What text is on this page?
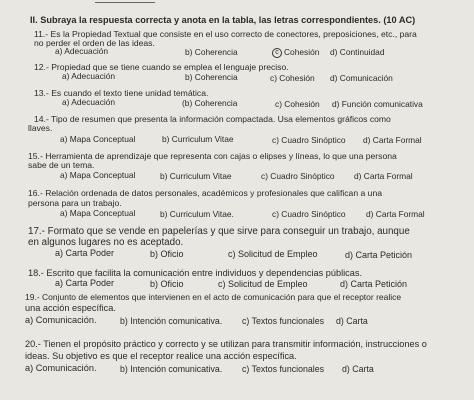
II. Subraya la respuesta correcta y anota en la tabla, las letras correspondientes. (10 AC)
11.- Es la Propiedad Textual que consiste en el uso correcto de conectores, preposiciones, etc., para
no perder el orden de las ideas.
a) Adecuación	b) Coherencia	c Cohesión d) Continuidad
12.- Propiedad que se tiene cuando se emplea el lenguaje preciso.
a) Adecuación	b) Coherencia	c) Cohesión d) Comunicación
13.- Es cuando el texto tiene unidad temática.
a) Adecuación	(b) Coherencia	c) Cohesión d) Función comunicativa
14.- Tipo de resumen que presenta la información compactada. Usa elementos gráficos como
llaves.
a) Mapa Conceptual	b) Curriculum Vitae	c) Cuadro Sinóptico d) Carta Formal
15.- Herramienta de aprendizaje que representa con cajas o elipses y líneas, lo que una persona
sabe de un tema.
a) Mapa Conceptual	b) Curriculum Vitae	c) Cuadro Sinóptico d) Carta Formal
16.- Relación ordenada de datos personales, académicos y profesionales que califican a una
persona para un trabajo.
a) Mapa Conceptual	b) Curriculum Vitae.	c) Cuadro Sinóptico d) Carta Formal
17.- Formato que se vende en papelerías y que sirve para conseguir un trabajo, aunque
en algunos lugares no es aceptado.
a) Carta Poder	b) Oficio	c) Solicitud de Empleo	d) Carta Petición
18.- Escrito que facilita la comunicación entre individuos y dependencias públicas.
a) Carta Poder	b) Oficio	c) Solicitud de Empleo	d) Carta Petición
19.- Conjunto de elementos que intervienen en el acto de comunicación para que el receptor realice
una acción específica.
a) Comunicación.	b) Intención comunicativa. c) Textos funcionales d) Carta
20.- Tienen el propósito práctico y correcto y se utilizan para transmitir información, instrucciones o
ideas. Su objetivo es que el receptor realice una acción específica.
a) Comunicación.	b) Intención comunicativa. c) Textos funcionales d) Carta
